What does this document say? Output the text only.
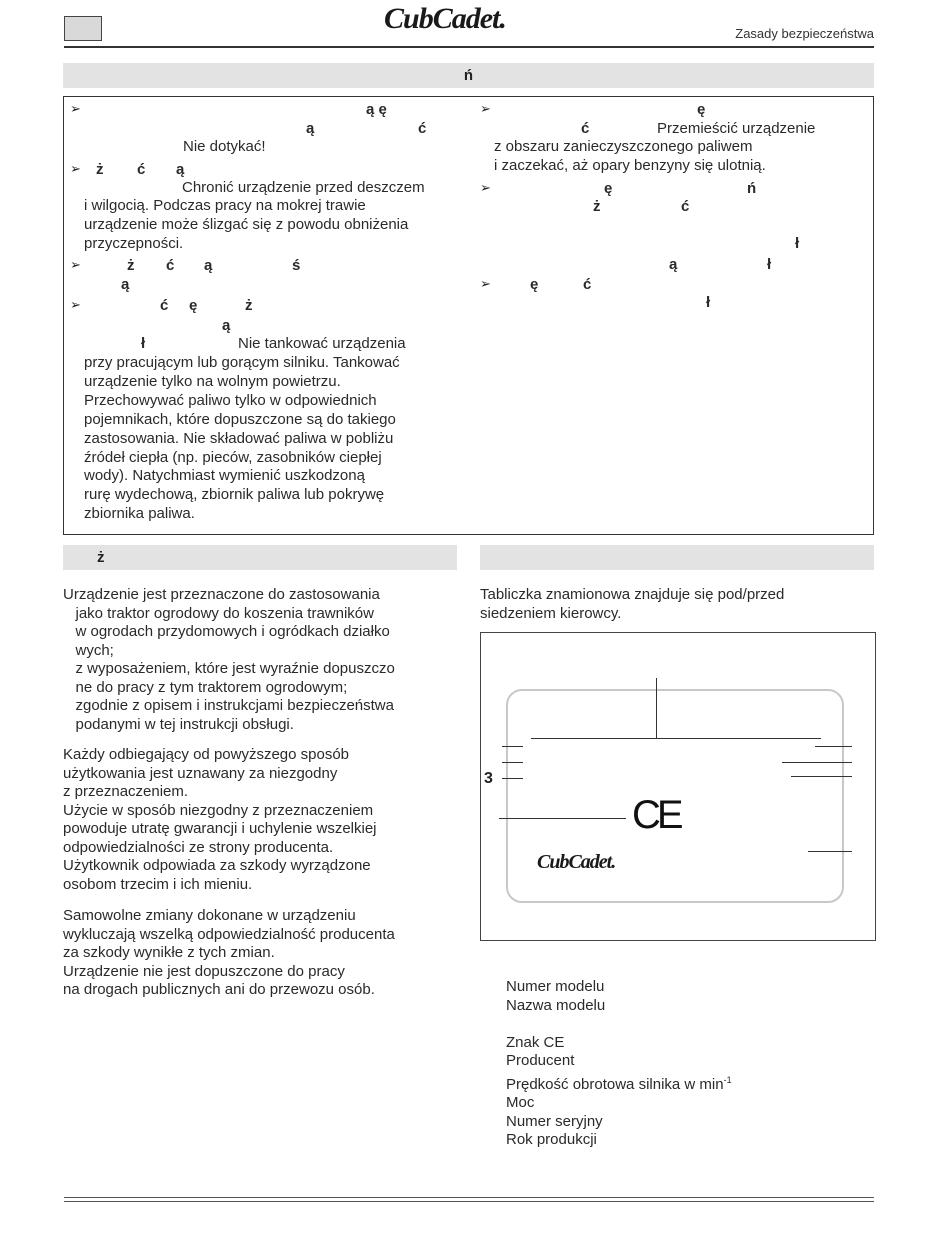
CubCadet.	Zasady bezpieczeństwa
ń
➢
➢
➢
➢
ą ę
ą	ć
Nie dotykać!
ż ć ą
Chronić urządzenie przed deszczem
i wilgocią. Podczas pracy na mokrej trawie
urządzenie może ślizgać się z powodu obniżenia
przyczepności.
ż ć ą	ś
ą
ć ę	ż
ą
ł	Nie tankować urządzenia
przy pracującym lub gorącym silniku. Tankować
urządzenie tylko na wolnym powietrzu.
Przechowywać paliwo tylko w odpowiednich
pojemnikach, które dopuszczone są do takiego
zastosowania. Nie składować paliwa w pobliżu
źródeł ciepła (np. pieców, zasobników ciepłej
wody). Natychmiast wymienić uszkodzoną
rurę wydechową, zbiornik paliwa lub pokrywę
zbiornika paliwa.
➢
➢
➢
ę
ć	Przemieścić urządzenie
z obszaru zanieczyszczonego paliwem
i zaczekać, aż opary benzyny się ulotnią.
ę	ń
ż	ć
ł
ą	ł
ę	ć
ł
ż
Urządzenie jest przeznaczone do zastosowania
jako traktor ogrodowy do koszenia trawników
w ogrodach przydomowych i ogródkach działko
wych;
z wyposażeniem, które jest wyraźnie dopuszczo
ne do pracy z tym traktorem ogrodowym;
zgodnie z opisem i instrukcjami bezpieczeństwa
podanymi w tej instrukcji obsługi.
Każdy odbiegający od powyższego sposób
użytkowania jest uznawany za niezgodny
z przeznaczeniem.
Użycie w sposób niezgodny z przeznaczeniem
powoduje utratę gwarancji i uchylenie wszelkiej
odpowiedzialności ze strony producenta.
Użytkownik odpowiada za szkody wyrządzone
osobom trzecim i ich mieniu.
Samowolne zmiany dokonane w urządzeniu
wykluczają wszelką odpowiedzialność producenta
za szkody wynikłe z tych zmian.
Urządzenie nie jest dopuszczone do pracy
na drogach publicznych ani do przewozu osób.
Tabliczka znamionowa znajduje się pod/przed
siedzeniem kierowcy.
3
CE
CubCadet.
Numer modelu
Nazwa modelu
Znak CE
Producent
Prędkość obrotowa silnika w $\min^{-1}$
Moc
Numer seryjny
Rok produkcji
